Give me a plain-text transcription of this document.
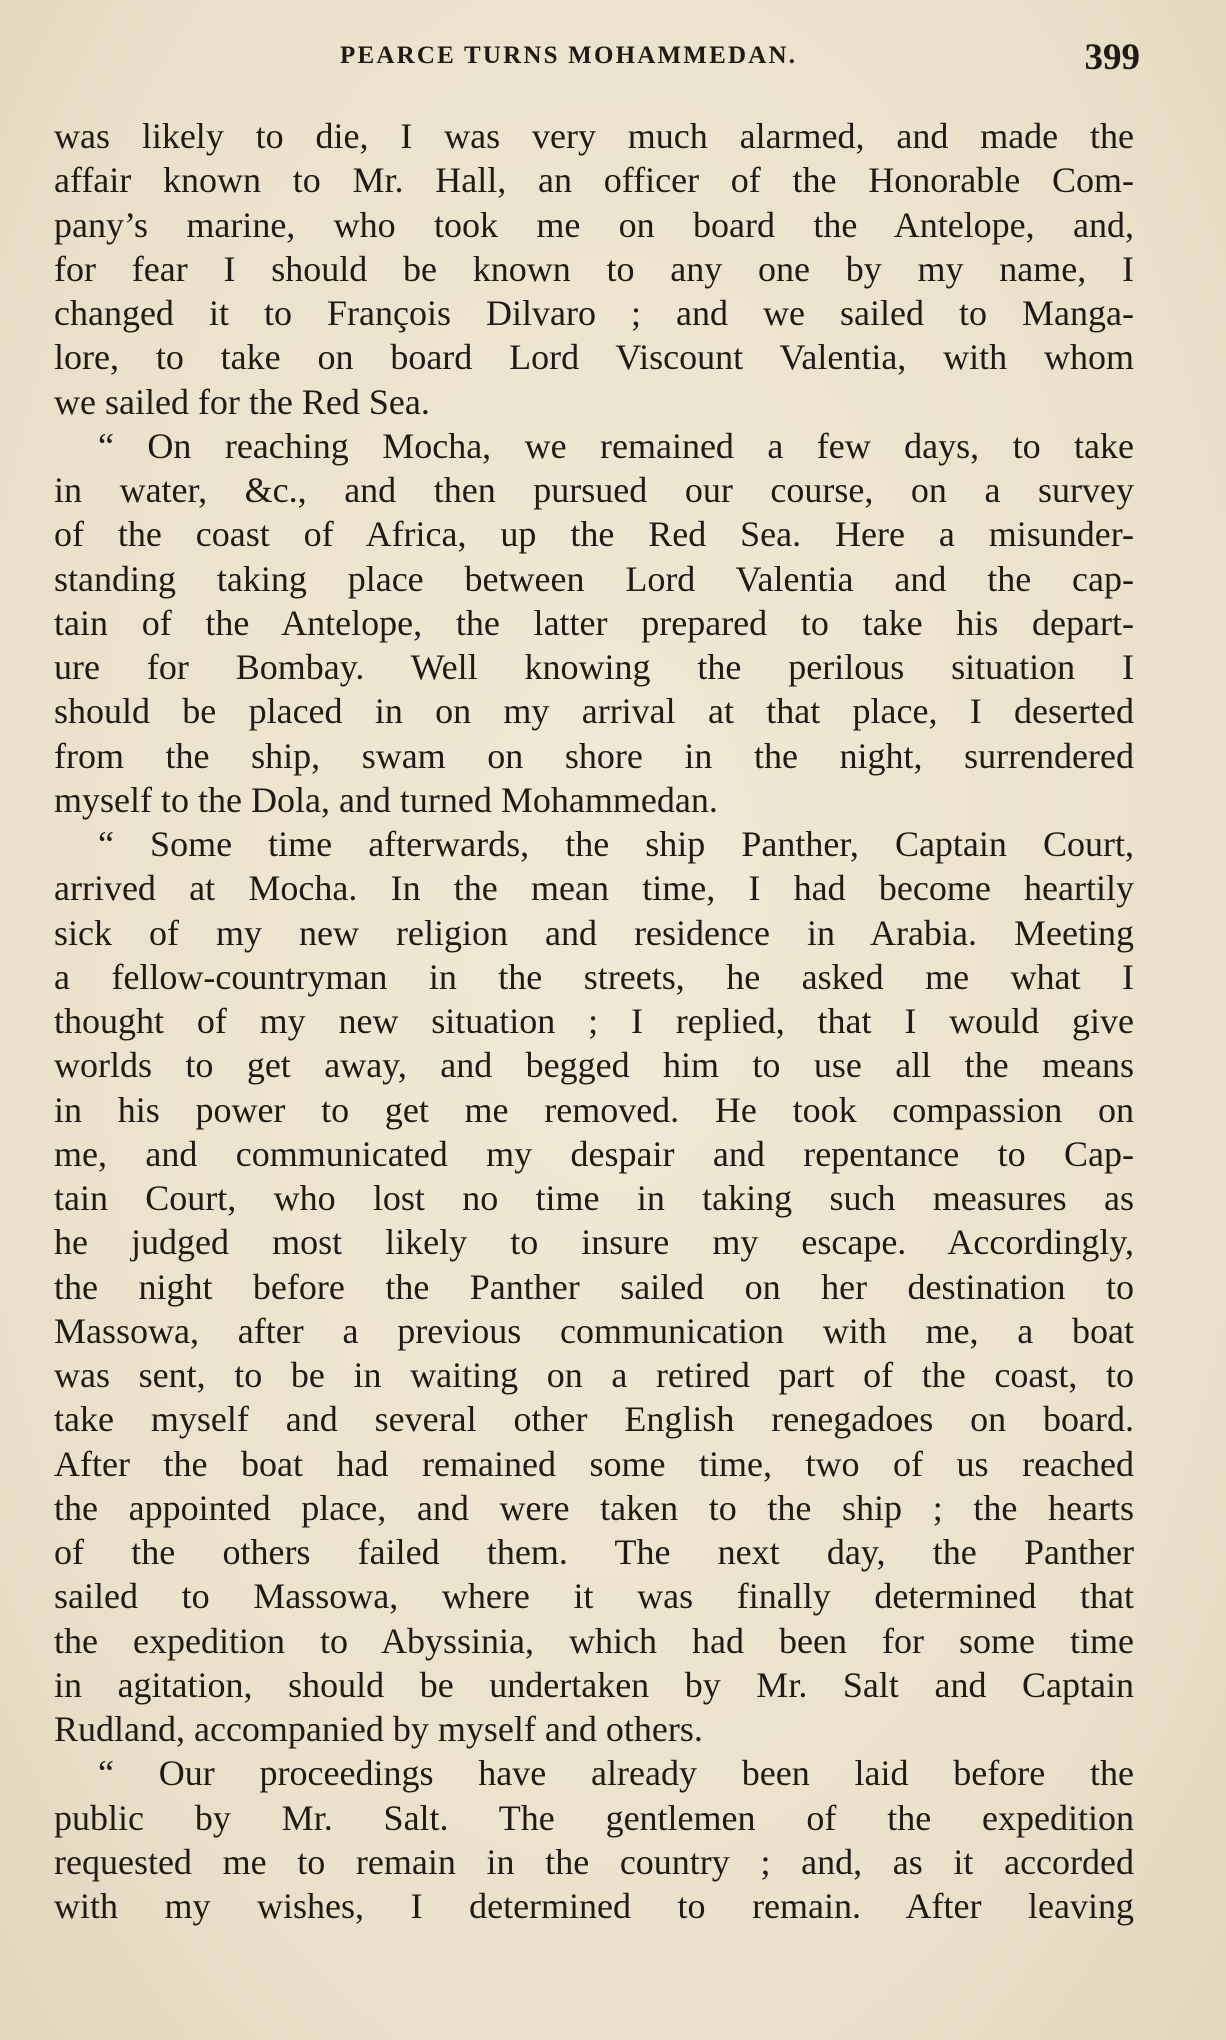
PEARCE TURNS MOHAMMEDAN.	399
was likely to die, I was very much alarmed, and made the
affair known to Mr. Hall, an officer of the Honorable Com-
pany’s marine, who took me on board the Antelope, and,
for fear I should be known to any one by my name, I
changed it to François Dilvaro ; and we sailed to Manga-
lore, to take on board Lord Viscount Valentia, with whom
we sailed for the Red Sea.
“ On reaching Mocha, we remained a few days, to take
in water, &c., and then pursued our course, on a survey
of the coast of Africa, up the Red Sea. Here a misunder-
standing taking place between Lord Valentia and the cap-
tain of the Antelope, the latter prepared to take his depart-
ure for Bombay. Well knowing the perilous situation I
should be placed in on my arrival at that place, I deserted
from the ship, swam on shore in the night, surrendered
myself to the Dola, and turned Mohammedan.
“ Some time afterwards, the ship Panther, Captain Court,
arrived at Mocha. In the mean time, I had become heartily
sick of my new religion and residence in Arabia. Meeting
a fellow-countryman in the streets, he asked me what I
thought of my new situation ; I replied, that I would give
worlds to get away, and begged him to use all the means
in his power to get me removed. He took compassion on
me, and communicated my despair and repentance to Cap-
tain Court, who lost no time in taking such measures as
he judged most likely to insure my escape. Accordingly,
the night before the Panther sailed on her destination to
Massowa, after a previous communication with me, a boat
was sent, to be in waiting on a retired part of the coast, to
take myself and several other English renegadoes on board.
After the boat had remained some time, two of us reached
the appointed place, and were taken to the ship ; the hearts
of the others failed them. The next day, the Panther
sailed to Massowa, where it was finally determined that
the expedition to Abyssinia, which had been for some time
in agitation, should be undertaken by Mr. Salt and Captain
Rudland, accompanied by myself and others.
“ Our proceedings have already been laid before the
public by Mr. Salt. The gentlemen of the expedition
requested me to remain in the country ; and, as it accorded
with my wishes, I determined to remain. After leaving
